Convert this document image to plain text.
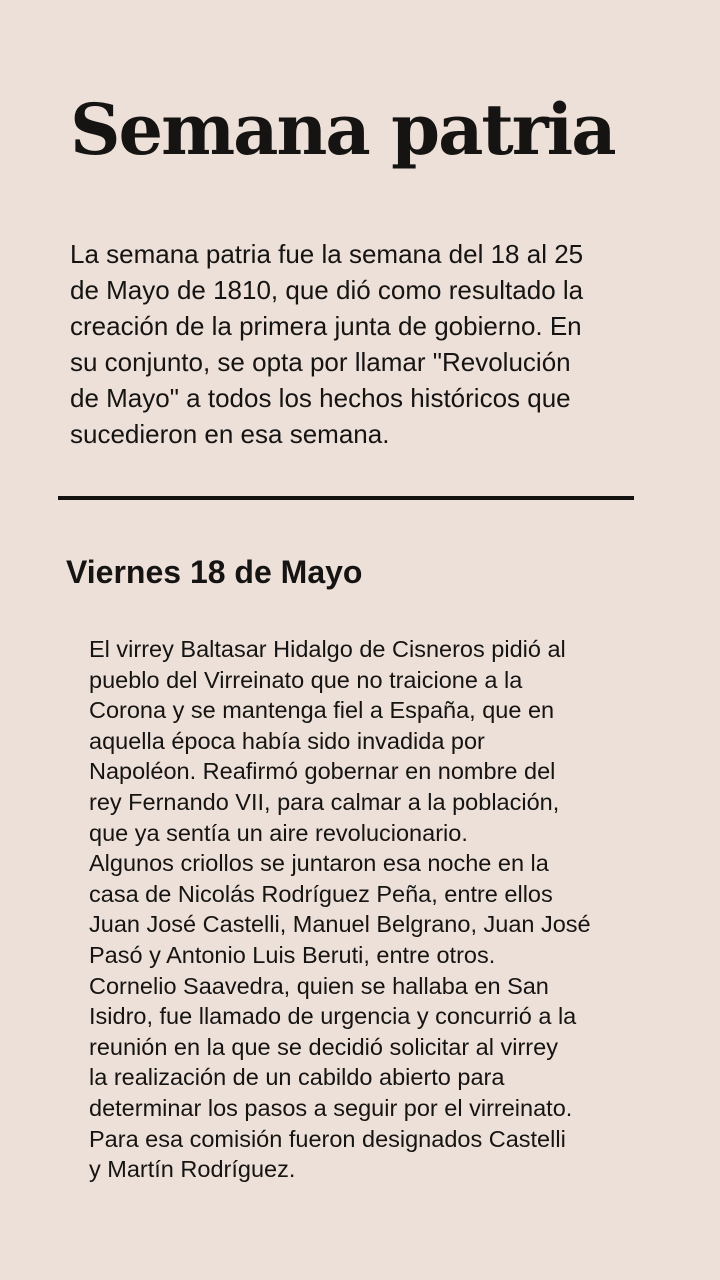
Semana patria

La semana patria fue la semana del 18 al 25
de Mayo de 1810, que dió como resultado la
creación de la primera junta de gobierno. En
su conjunto, se opta por llamar "Revolución
de Mayo" a todos los hechos históricos que
sucedieron en esa semana.

Viernes 18 de Mayo

El virrey Baltasar Hidalgo de Cisneros pidió al
pueblo del Virreinato que no traicione a la
Corona y se mantenga fiel a España, que en
aquella época había sido invadida por
Napoléon. Reafirmó gobernar en nombre del
rey Fernando VII, para calmar a la población,
que ya sentía un aire revolucionario.
Algunos criollos se juntaron esa noche en la
casa de Nicolás Rodríguez Peña, entre ellos
Juan José Castelli, Manuel Belgrano, Juan José
Pasó y Antonio Luis Beruti, entre otros.
Cornelio Saavedra, quien se hallaba en San
Isidro, fue llamado de urgencia y concurrió a la
reunión en la que se decidió solicitar al virrey
la realización de un cabildo abierto para
determinar los pasos a seguir por el virreinato.
Para esa comisión fueron designados Castelli
y Martín Rodríguez.
